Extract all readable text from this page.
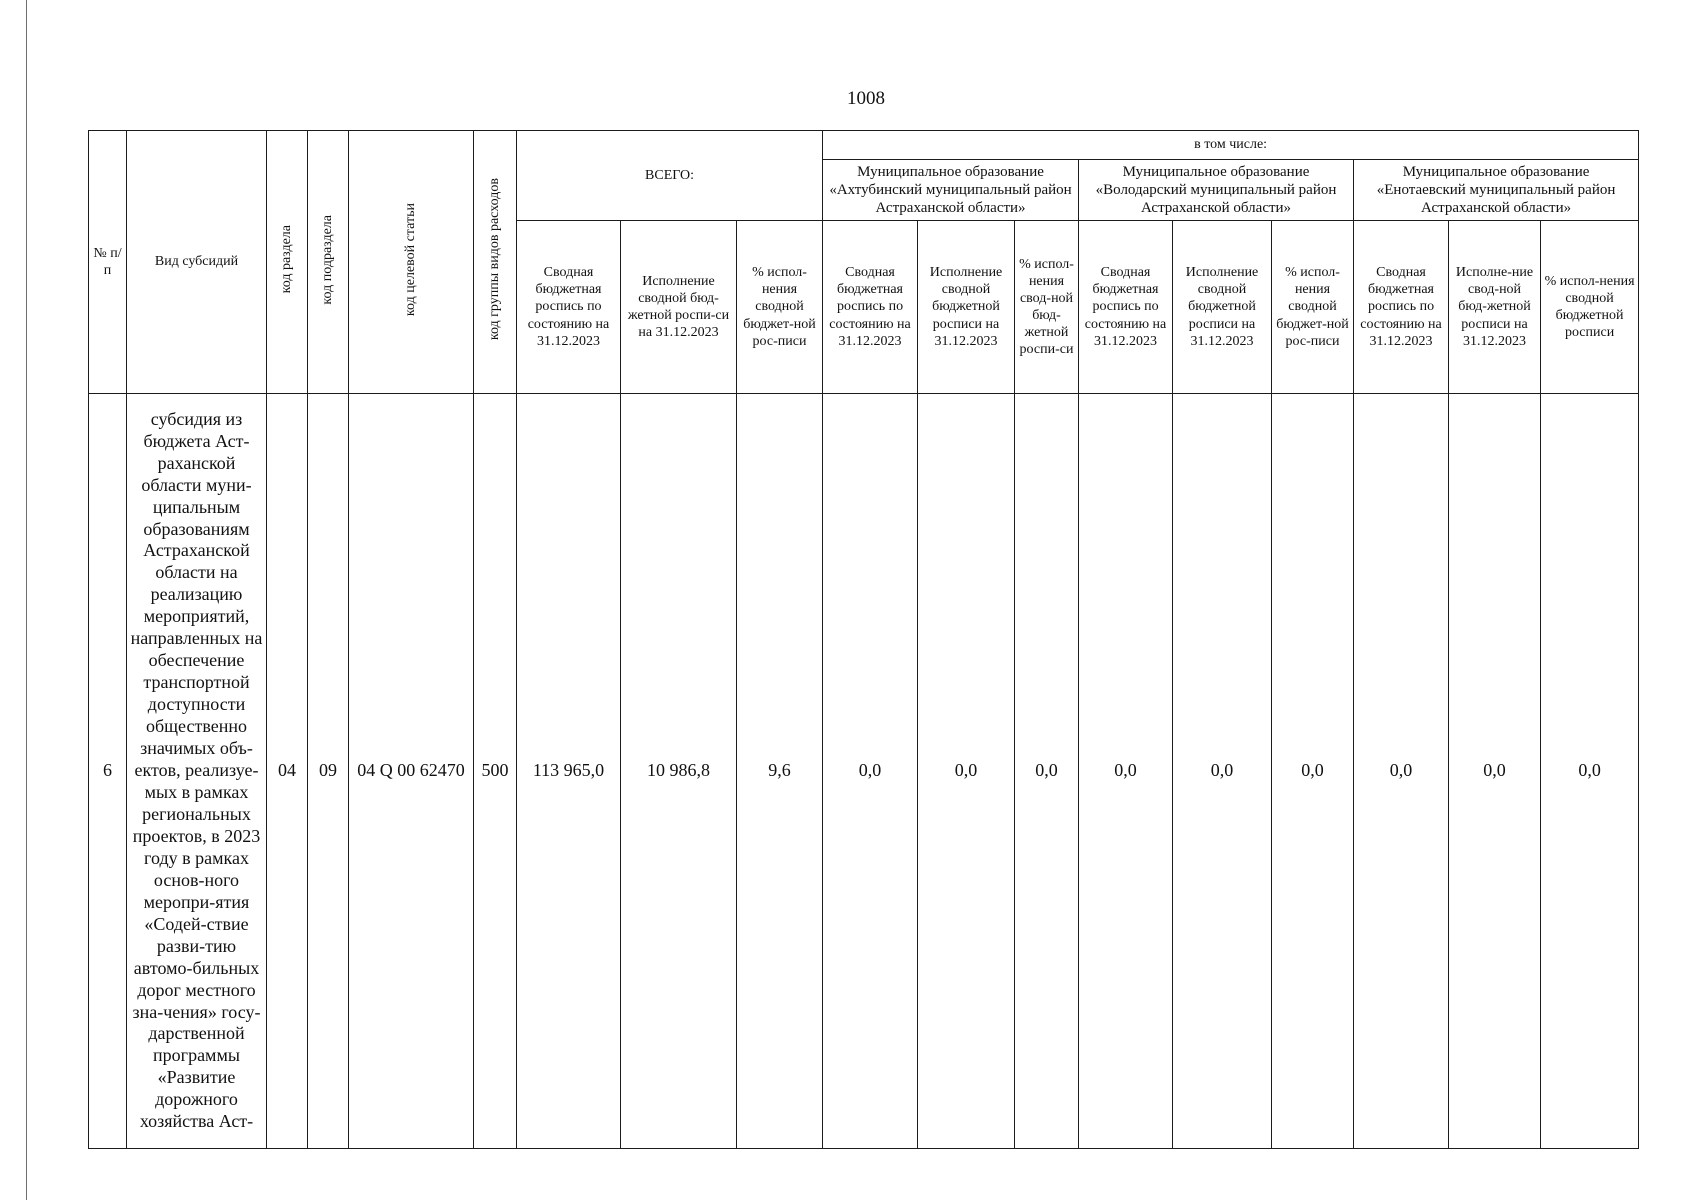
1008
№ п/п	Вид субсидий	код раздела	код подраздела	код целевой статьи	код группы видов расходов	ВСЕГО:			в том числе:								
									Муниципальное образование «Ахтубинский муниципальный район Астраханской области»			Муниципальное образование «Володарский муниципальный район Астраханской области»			Муниципальное образование «Енотаевский муниципальный район Астраханской области»		
						Сводная бюджетная роспись по состоянию на 31.12.2023	Исполнение сводной бюд-жетной роспи-си на 31.12.2023	% испол-нения сводной бюджет-ной рос-писи	Сводная бюджетная роспись по состоянию на 31.12.2023	Исполнение сводной бюджетной росписи на 31.12.2023	% испол-нения свод-ной бюд-жетной роспи-си	Сводная бюджетная роспись по состоянию на 31.12.2023	Исполнение сводной бюджетной росписи на 31.12.2023	% испол-нения сводной бюджет-ной рос-писи	Сводная бюджетная роспись по состоянию на 31.12.2023	Исполне-ние свод-ной бюд-жетной росписи на 31.12.2023	% испол-нения сводной бюджетной росписи
6	субсидия из бюджета Аст-раханской области муни-ципальным образованиям Астраханской области на реализацию мероприятий, направленных на обеспечение транспортной доступности общественно значимых объ-ектов, реализуе-мых в рамках региональных проектов, в 2023 году в рамках основ-ного меропри-ятия «Содей-ствие разви-тию автомо-бильных дорог местного зна-чения» госу-дарственной программы «Развитие дорожного хозяйства Аст-	04	09	04 Q 00 62470	500	113 965,0	10 986,8	9,6	0,0	0,0	0,0	0,0	0,0	0,0	0,0	0,0	0,0
